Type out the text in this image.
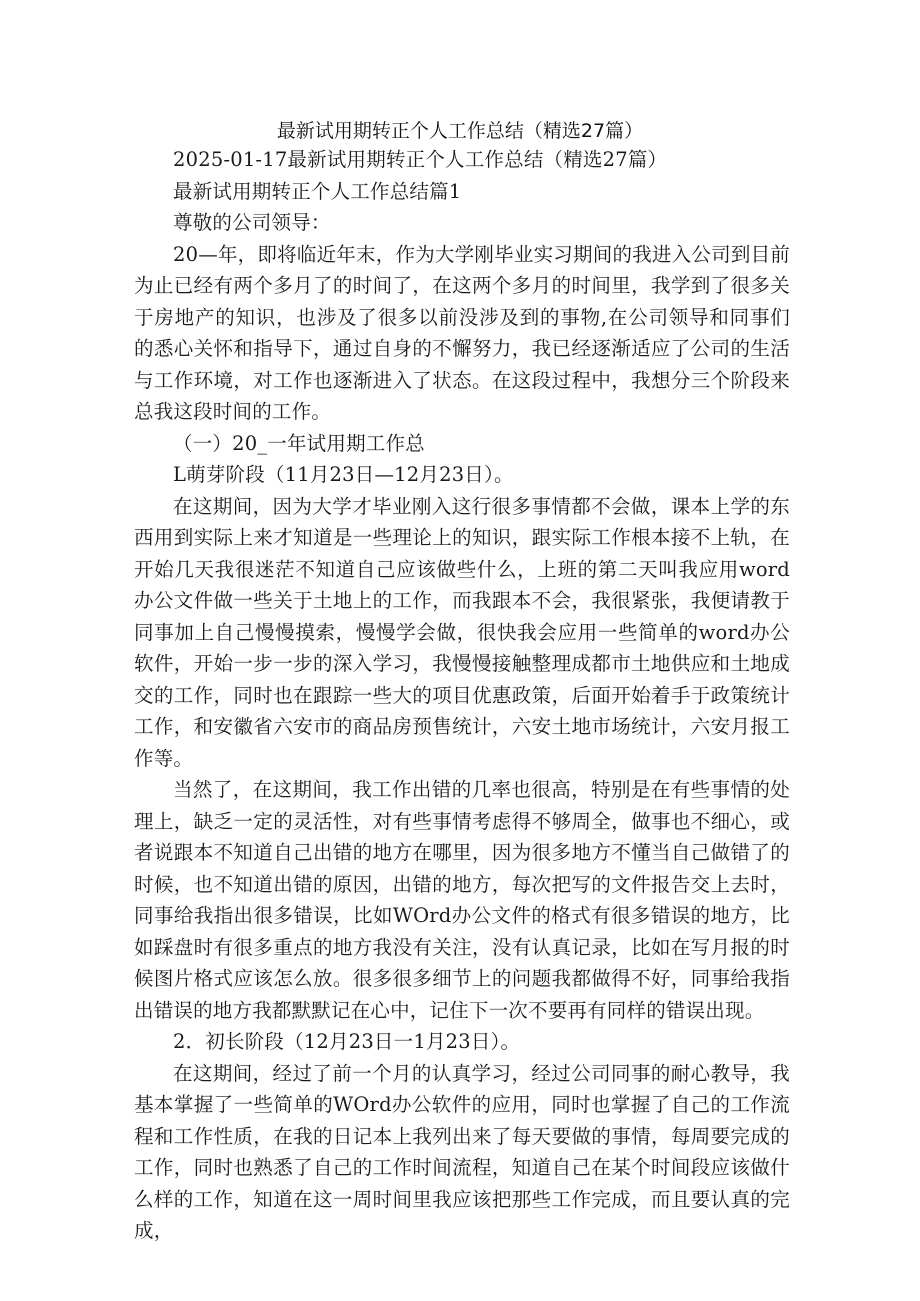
最新试用期转正个人工作总结（精选27篇）

2025-01-17最新试用期转正个人工作总结（精选27篇）

最新试用期转正个人工作总结篇1

尊敬的公司领导：

20—年，即将临近年末，作为大学刚毕业实习期间的我进入公司到目前为止已经有两个多月了的时间了，在这两个多月的时间里，我学到了很多关于房地产的知识，也涉及了很多以前没涉及到的事物,在公司领导和同事们的悉心关怀和指导下，通过自身的不懈努力，我已经逐渐适应了公司的生活与工作环境，对工作也逐渐进入了状态。在这段过程中，我想分三个阶段来总我这段时间的工作。

（一）20_一年试用期工作总

L萌芽阶段（11月23日—12月23日）。

在这期间，因为大学才毕业刚入这行很多事情都不会做，课本上学的东西用到实际上来才知道是一些理论上的知识，跟实际工作根本接不上轨，在开始几天我很迷茫不知道自己应该做些什么，上班的第二天叫我应用word办公文件做一些关于土地上的工作，而我跟本不会，我很紧张，我便请教于同事加上自己慢慢摸索，慢慢学会做，很快我会应用一些简单的word办公软件，开始一步一步的深入学习，我慢慢接触整理成都市土地供应和土地成交的工作，同时也在跟踪一些大的项目优惠政策，后面开始着手于政策统计工作，和安徽省六安市的商品房预售统计，六安土地市场统计，六安月报工作等。

当然了，在这期间，我工作出错的几率也很高，特别是在有些事情的处理上，缺乏一定的灵活性，对有些事情考虑得不够周全，做事也不细心，或者说跟本不知道自己出错的地方在哪里，因为很多地方不懂当自己做错了的时候，也不知道出错的原因，出错的地方，每次把写的文件报告交上去时，同事给我指出很多错误，比如WOrd办公文件的格式有很多错误的地方，比如踩盘时有很多重点的地方我没有关注，没有认真记录，比如在写月报的时候图片格式应该怎么放。很多很多细节上的问题我都做得不好，同事给我指出错误的地方我都默默记在心中，记住下一次不要再有同样的错误出现。

2．初长阶段（12月23日一1月23日）。

在这期间，经过了前一个月的认真学习，经过公司同事的耐心教导，我基本掌握了一些简单的WOrd办公软件的应用，同时也掌握了自己的工作流程和工作性质，在我的日记本上我列出来了每天要做的事情，每周要完成的工作，同时也熟悉了自己的工作时间流程，知道自己在某个时间段应该做什么样的工作，知道在这一周时间里我应该把那些工作完成，而且要认真的完成，
